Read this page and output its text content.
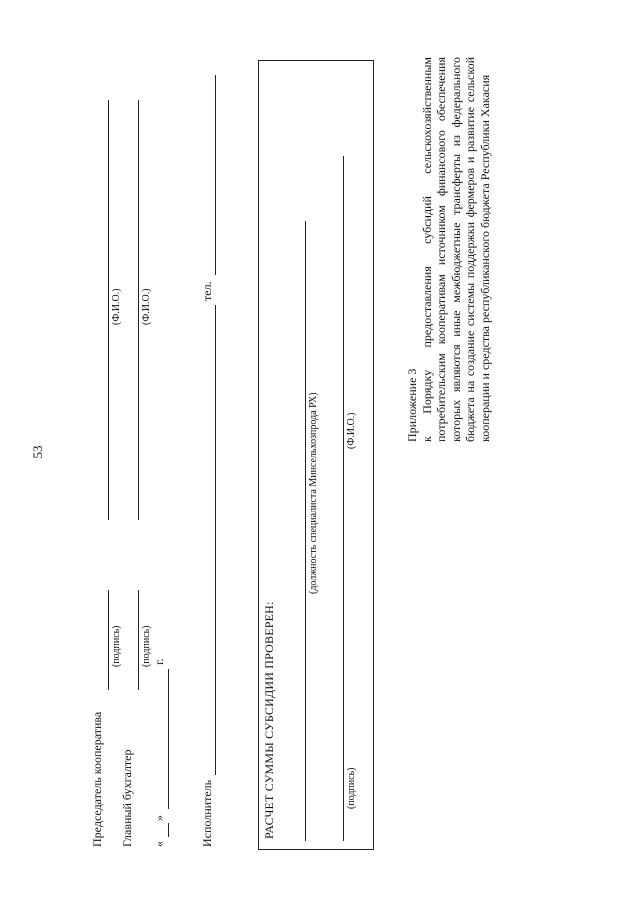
53
Председатель кооператива
(подпись)
(Ф.И.О.)
Главный бухгалтер
(подпись)
(Ф.И.О.)
«
»
г.
Исполнитель
тел.
РАСЧЕТ СУММЫ СУБСИДИИ ПРОВЕРЕН:
(должность специалиста Минсельхозпрода РХ)
(подпись)
(Ф.И.О.)	Приложение 3 к Порядку предоставления субсидий сельскохозяйственным потребительским кооперативам источником финансового обеспечения которых являются иные межбюджетные трансферты из федерального бюджета на создание системы поддержки фермеров и развитие сельской кооперации и средства республиканского бюджета Республики Хакасия
